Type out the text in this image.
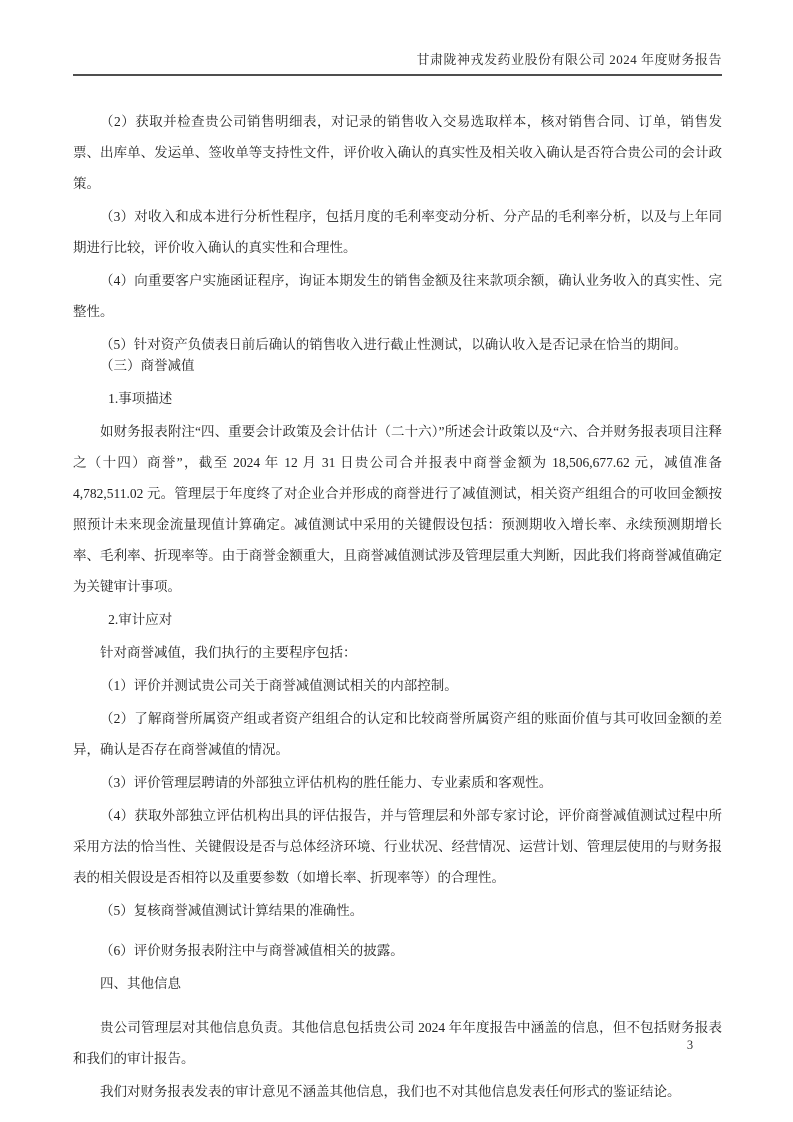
甘肃陇神戎发药业股份有限公司 2024 年度财务报告

（2）获取并检查贵公司销售明细表，对记录的销售收入交易选取样本，核对销售合同、订单，销售发票、出库单、发运单、签收单等支持性文件，评价收入确认的真实性及相关收入确认是否符合贵公司的会计政策。

（3）对收入和成本进行分析性程序，包括月度的毛利率变动分析、分产品的毛利率分析，以及与上年同期进行比较，评价收入确认的真实性和合理性。

（4）向重要客户实施函证程序，询证本期发生的销售金额及往来款项余额，确认业务收入的真实性、完整性。

（5）针对资产负债表日前后确认的销售收入进行截止性测试，以确认收入是否记录在恰当的期间。

（三）商誉减值

1.事项描述

如财务报表附注“四、重要会计政策及会计估计（二十六）”所述会计政策以及“六、合并财务报表项目注释之（十四）商誉”，截至 2024 年 12 月 31 日贵公司合并报表中商誉金额为 18,506,677.62 元，减值准备 4,782,511.02 元。管理层于年度终了对企业合并形成的商誉进行了减值测试，相关资产组组合的可收回金额按照预计未来现金流量现值计算确定。减值测试中采用的关键假设包括：预测期收入增长率、永续预测期增长率、毛利率、折现率等。由于商誉金额重大，且商誉减值测试涉及管理层重大判断，因此我们将商誉减值确定为关键审计事项。

2.审计应对

针对商誉减值，我们执行的主要程序包括：

（1）评价并测试贵公司关于商誉减值测试相关的内部控制。

（2）了解商誉所属资产组或者资产组组合的认定和比较商誉所属资产组的账面价值与其可收回金额的差异，确认是否存在商誉减值的情况。

（3）评价管理层聘请的外部独立评估机构的胜任能力、专业素质和客观性。

（4）获取外部独立评估机构出具的评估报告，并与管理层和外部专家讨论，评价商誉减值测试过程中所采用方法的恰当性、关键假设是否与总体经济环境、行业状况、经营情况、运营计划、管理层使用的与财务报表的相关假设是否相符以及重要参数（如增长率、折现率等）的合理性。

（5）复核商誉减值测试计算结果的准确性。

（6）评价财务报表附注中与商誉减值相关的披露。

四、其他信息

贵公司管理层对其他信息负责。其他信息包括贵公司 2024 年年度报告中涵盖的信息，但不包括财务报表和我们的审计报告。

我们对财务报表发表的审计意见不涵盖其他信息，我们也不对其他信息发表任何形式的鉴证结论。

3
